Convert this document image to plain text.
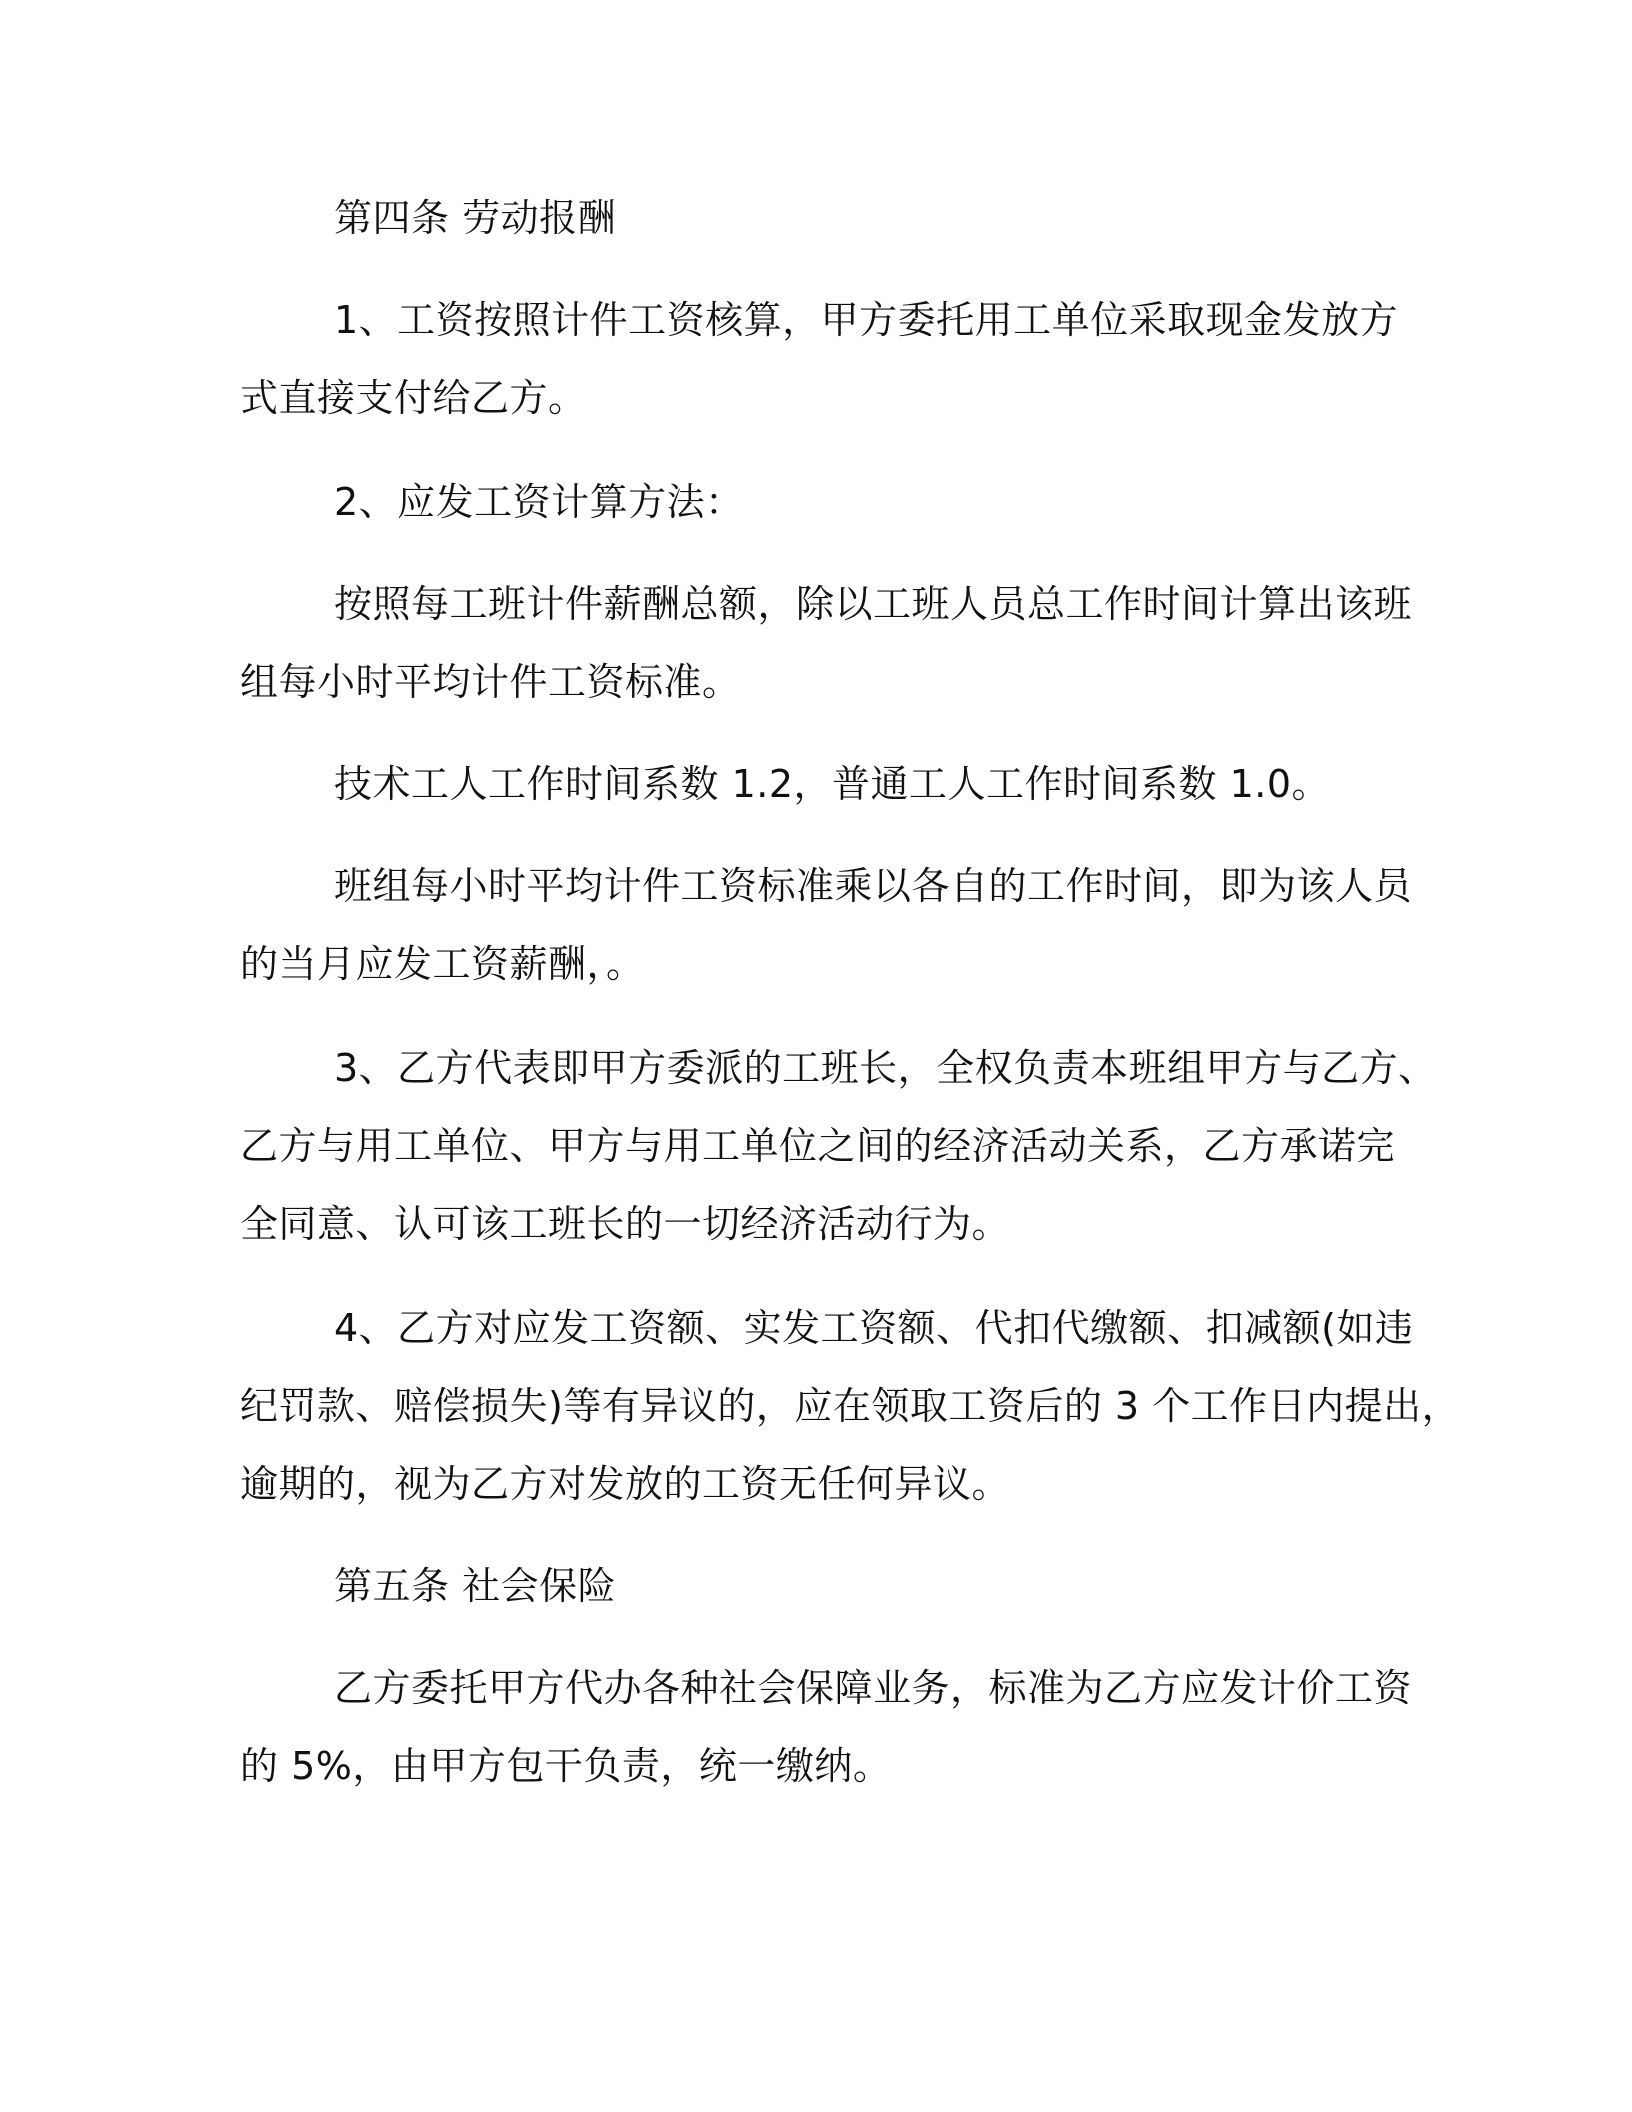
第四条 劳动报酬
1、工资按照计件工资核算，甲方委托用工单位采取现金发放方
式直接支付给乙方。
2、应发工资计算方法：
按照每工班计件薪酬总额，除以工班人员总工作时间计算出该班
组每小时平均计件工资标准。
技术工人工作时间系数 1.2，普通工人工作时间系数 1.0。
班组每小时平均计件工资标准乘以各自的工作时间，即为该人员
的当月应发工资薪酬，。
3、乙方代表即甲方委派的工班长，全权负责本班组甲方与乙方、
乙方与用工单位、甲方与用工单位之间的经济活动关系，乙方承诺完
全同意、认可该工班长的一切经济活动行为。
4、乙方对应发工资额、实发工资额、代扣代缴额、扣减额(如违
纪罚款、赔偿损失)等有异议的，应在领取工资后的 3 个工作日内提出，
逾期的，视为乙方对发放的工资无任何异议。
第五条 社会保险
乙方委托甲方代办各种社会保障业务，标准为乙方应发计价工资
的 5%，由甲方包干负责，统一缴纳。
